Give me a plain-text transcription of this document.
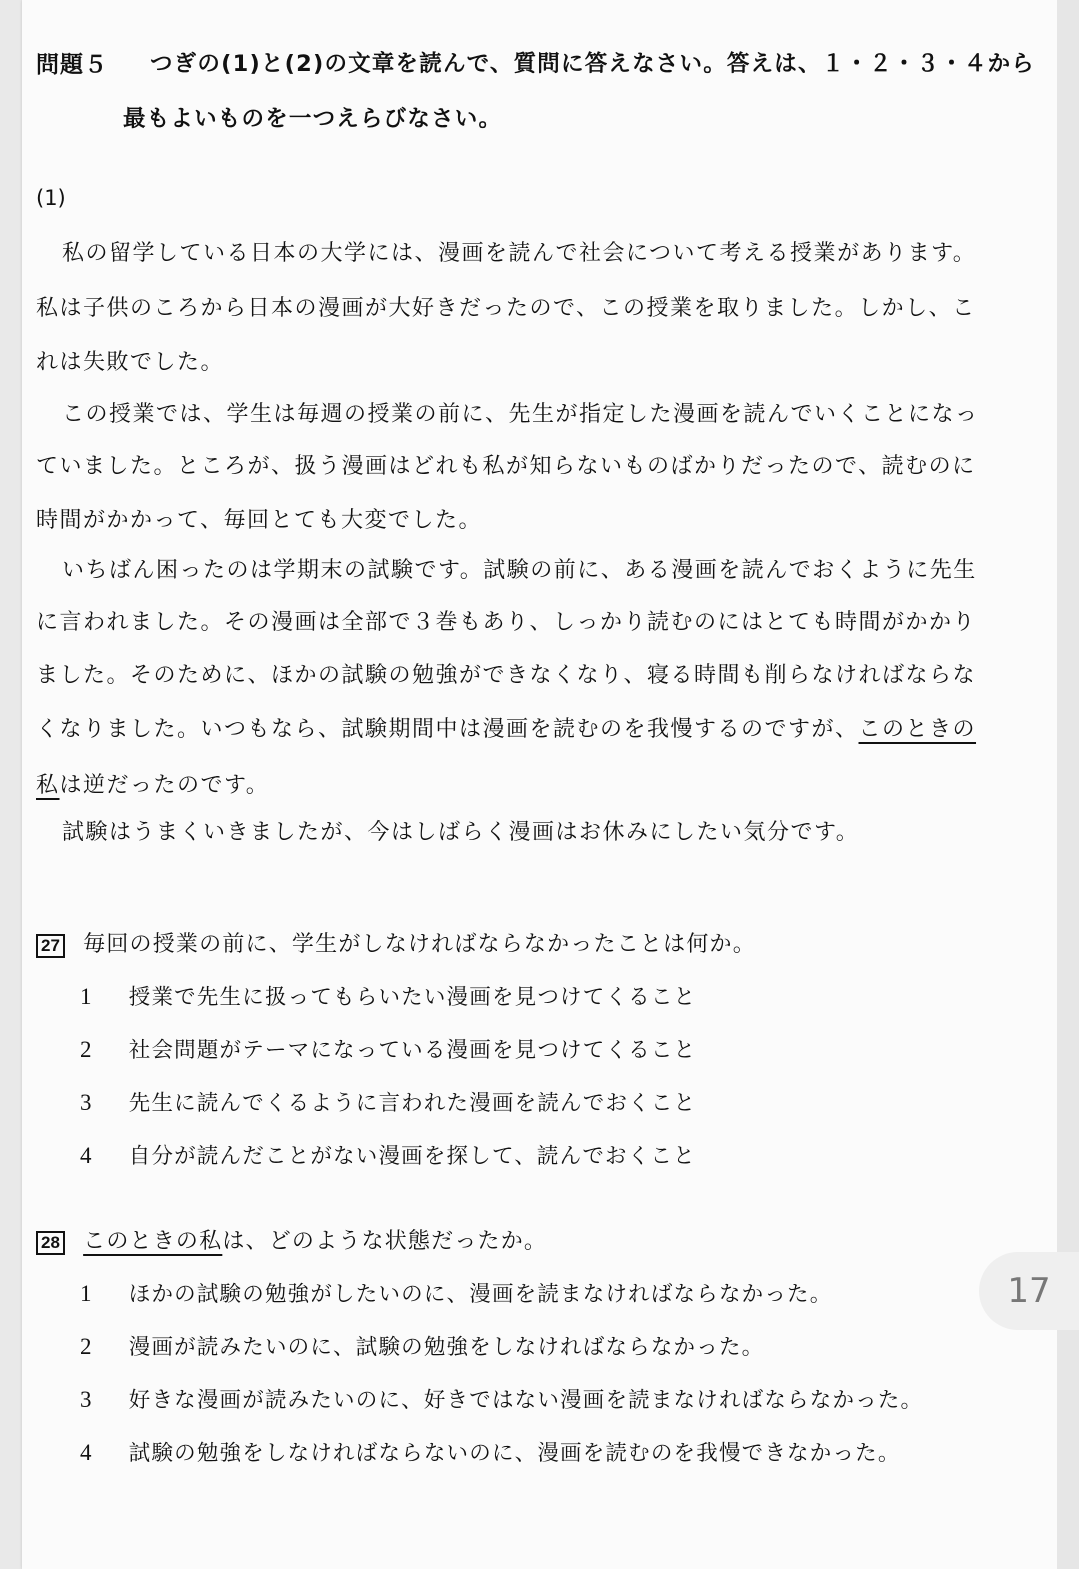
問題５ つぎの(1)と(2)の文章を読んで、質問に答えなさい。答えは、１・２・３・４から
最もよいものを一つえらびなさい。
(1)
私の留学している日本の大学には、漫画を読んで社会について考える授業があります。
私は子供のころから日本の漫画が大好きだったので、この授業を取りました。しかし、こ
れは失敗でした。
この授業では、学生は毎週の授業の前に、先生が指定した漫画を読んでいくことになっ
ていました。ところが、扱う漫画はどれも私が知らないものばかりだったので、読むのに
時間がかかって、毎回とても大変でした。
いちばん困ったのは学期末の試験です。試験の前に、ある漫画を読んでおくように先生
に言われました。その漫画は全部で３巻もあり、しっかり読むのにはとても時間がかかり
ました。そのために、ほかの試験の勉強ができなくなり、寝る時間も削らなければならな
くなりました。いつもなら、試験期間中は漫画を読むのを我慢するのですが、このときの
私は逆だったのです。
試験はうまくいきましたが、今はしばらく漫画はお休みにしたい気分です。
27 毎回の授業の前に、学生がしなければならなかったことは何か。
1 授業で先生に扱ってもらいたい漫画を見つけてくること
2 社会問題がテーマになっている漫画を見つけてくること
3 先生に読んでくるように言われた漫画を読んでおくこと
4 自分が読んだことがない漫画を探して、読んでおくこと
28 このときの私は、どのような状態だったか。
1 ほかの試験の勉強がしたいのに、漫画を読まなければならなかった。
2 漫画が読みたいのに、試験の勉強をしなければならなかった。
3 好きな漫画が読みたいのに、好きではない漫画を読まなければならなかった。
4 試験の勉強をしなければならないのに、漫画を読むのを我慢できなかった。
17
